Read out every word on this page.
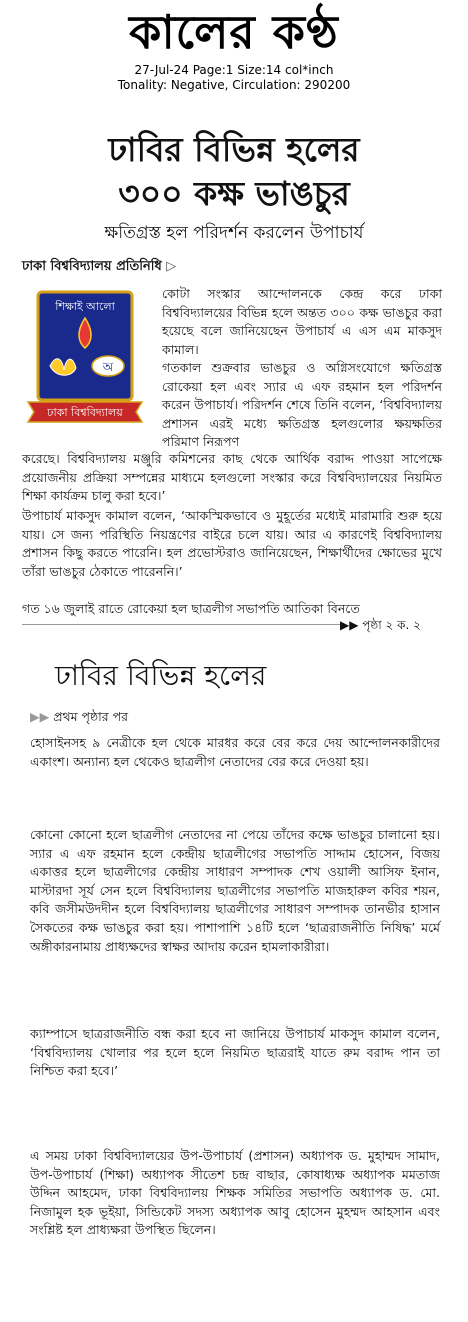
কালের কণ্ঠ
27-Jul-24 Page:1 Size:14 col*inch
Tonality: Negative, Circulation: 290200
ঢাবির বিভিন্ন হলের
৩০০ কক্ষ ভাঙচুর
ক্ষতিগ্রস্ত হল পরিদর্শন করলেন উপাচার্য
ঢাকা বিশ্ববিদ্যালয় প্রতিনিধি ▷
শিক্ষাই আলো
অ
ঢাকা বিশ্ববিদ্যালয়

কোটা সংস্কার আন্দোলনকে কেন্দ্র করে ঢাকা বিশ্ববিদ্যালয়ের বিভিন্ন হলে অন্তত ৩০০ কক্ষ ভাঙচুর করা হয়েছে বলে জানিয়েছেন উপাচার্য এ এস এম মাকসুদ কামাল।

গতকাল শুক্রবার ভাঙচুর ও অগ্নিসংযোগে ক্ষতিগ্রস্ত রোকেয়া হল এবং স্যার এ এফ রহমান হল পরিদর্শন করেন উপাচার্য। পরিদর্শন শেষে তিনি বলেন, ‘বিশ্ববিদ্যালয় প্রশাসন এরই মধ্যে ক্ষতিগ্রস্ত হলগুলোর ক্ষয়ক্ষতির পরিমাণ নিরূপণ

করেছে। বিশ্ববিদ্যালয় মঞ্জুরি কমিশনের কাছ থেকে আর্থিক বরাদ্দ পাওয়া সাপেক্ষে প্রয়োজনীয় প্রক্রিয়া সম্পন্নের মাধ্যমে হলগুলো সংস্কার করে বিশ্ববিদ্যালয়ের নিয়মিত শিক্ষা কার্যক্রম চালু করা হবে।’

উপাচার্য মাকসুদ কামাল বলেন, ‘আকস্মিকভাবে ও মুহূর্তের মধ্যেই মারামারি শুরু হয়ে যায়। সে জন্য পরিস্থিতি নিয়ন্ত্রণের বাইরে চলে যায়। আর এ কারণেই বিশ্ববিদ্যালয় প্রশাসন কিছু করতে পারেনি। হল প্রভোস্টরাও জানিয়েছেন, শিক্ষার্থীদের ক্ষোভের মুখে তাঁরা ভাঙচুর ঠেকাতে পারেননি।’

গত ১৬ জুলাই রাতে রোকেয়া হল ছাত্রলীগ সভাপতি আতিকা বিনতে

▶▶ পৃষ্ঠা ২ ক. ২
ঢাবির বিভিন্ন হলের
▶▶ প্রথম পৃষ্ঠার পর

হোসাইনসহ ৯ নেত্রীকে হল থেকে মারধর করে বের করে দেয় আন্দোলনকারীদের একাংশ। অন্যান্য হল থেকেও ছাত্রলীগ নেতাদের বের করে দেওয়া হয়।

কোনো কোনো হলে ছাত্রলীগ নেতাদের না পেয়ে তাঁদের কক্ষে ভাঙচুর চালানো হয়। স্যার এ এফ রহমান হলে কেন্দ্রীয় ছাত্রলীগের সভাপতি সাদ্দাম হোসেন, বিজয় একাত্তর হলে ছাত্রলীগের কেন্দ্রীয় সাধারণ সম্পাদক শেখ ওয়ালী আসিফ ইনান, মাস্টারদা সূর্য সেন হলে বিশ্ববিদ্যালয় ছাত্রলীগের সভাপতি মাজহারুল কবির শয়ন, কবি জসীমউদদীন হলে বিশ্ববিদ্যালয় ছাত্রলীগের সাধারণ সম্পাদক তানভীর হাসান সৈকতের কক্ষ ভাঙচুর করা হয়। পাশাপাশি ১৪টি হলে ‘ছাত্ররাজনীতি নিষিদ্ধ’ মর্মে অঙ্গীকারনামায় প্রাধ্যক্ষদের স্বাক্ষর আদায় করেন হামলাকারীরা।

ক্যাম্পাসে ছাত্ররাজনীতি বন্ধ করা হবে না জানিয়ে উপাচার্য মাকসুদ কামাল বলেন, ‘বিশ্ববিদ্যালয় খোলার পর হলে হলে নিয়মিত ছাত্ররাই যাতে রুম বরাদ্দ পান তা নিশ্চিত করা হবে।’

এ সময় ঢাকা বিশ্ববিদ্যালয়ের উপ-উপাচার্য (প্রশাসন) অধ্যাপক ড. মুহাম্মদ সামাদ, উপ-উপাচার্য (শিক্ষা) অধ্যাপক সীতেশ চন্দ্র বাছার, কোষাধ্যক্ষ অধ্যাপক মমতাজ উদ্দিন আহমেদ, ঢাকা বিশ্ববিদ্যালয় শিক্ষক সমিতির সভাপতি অধ্যাপক ড. মো. নিজামুল হক ভূইয়া, সিন্ডিকেট সদস্য অধ্যাপক আবু হোসেন মুহম্মদ আহসান এবং সংশ্লিষ্ট হল প্রাধ্যক্ষরা উপস্থিত ছিলেন।
